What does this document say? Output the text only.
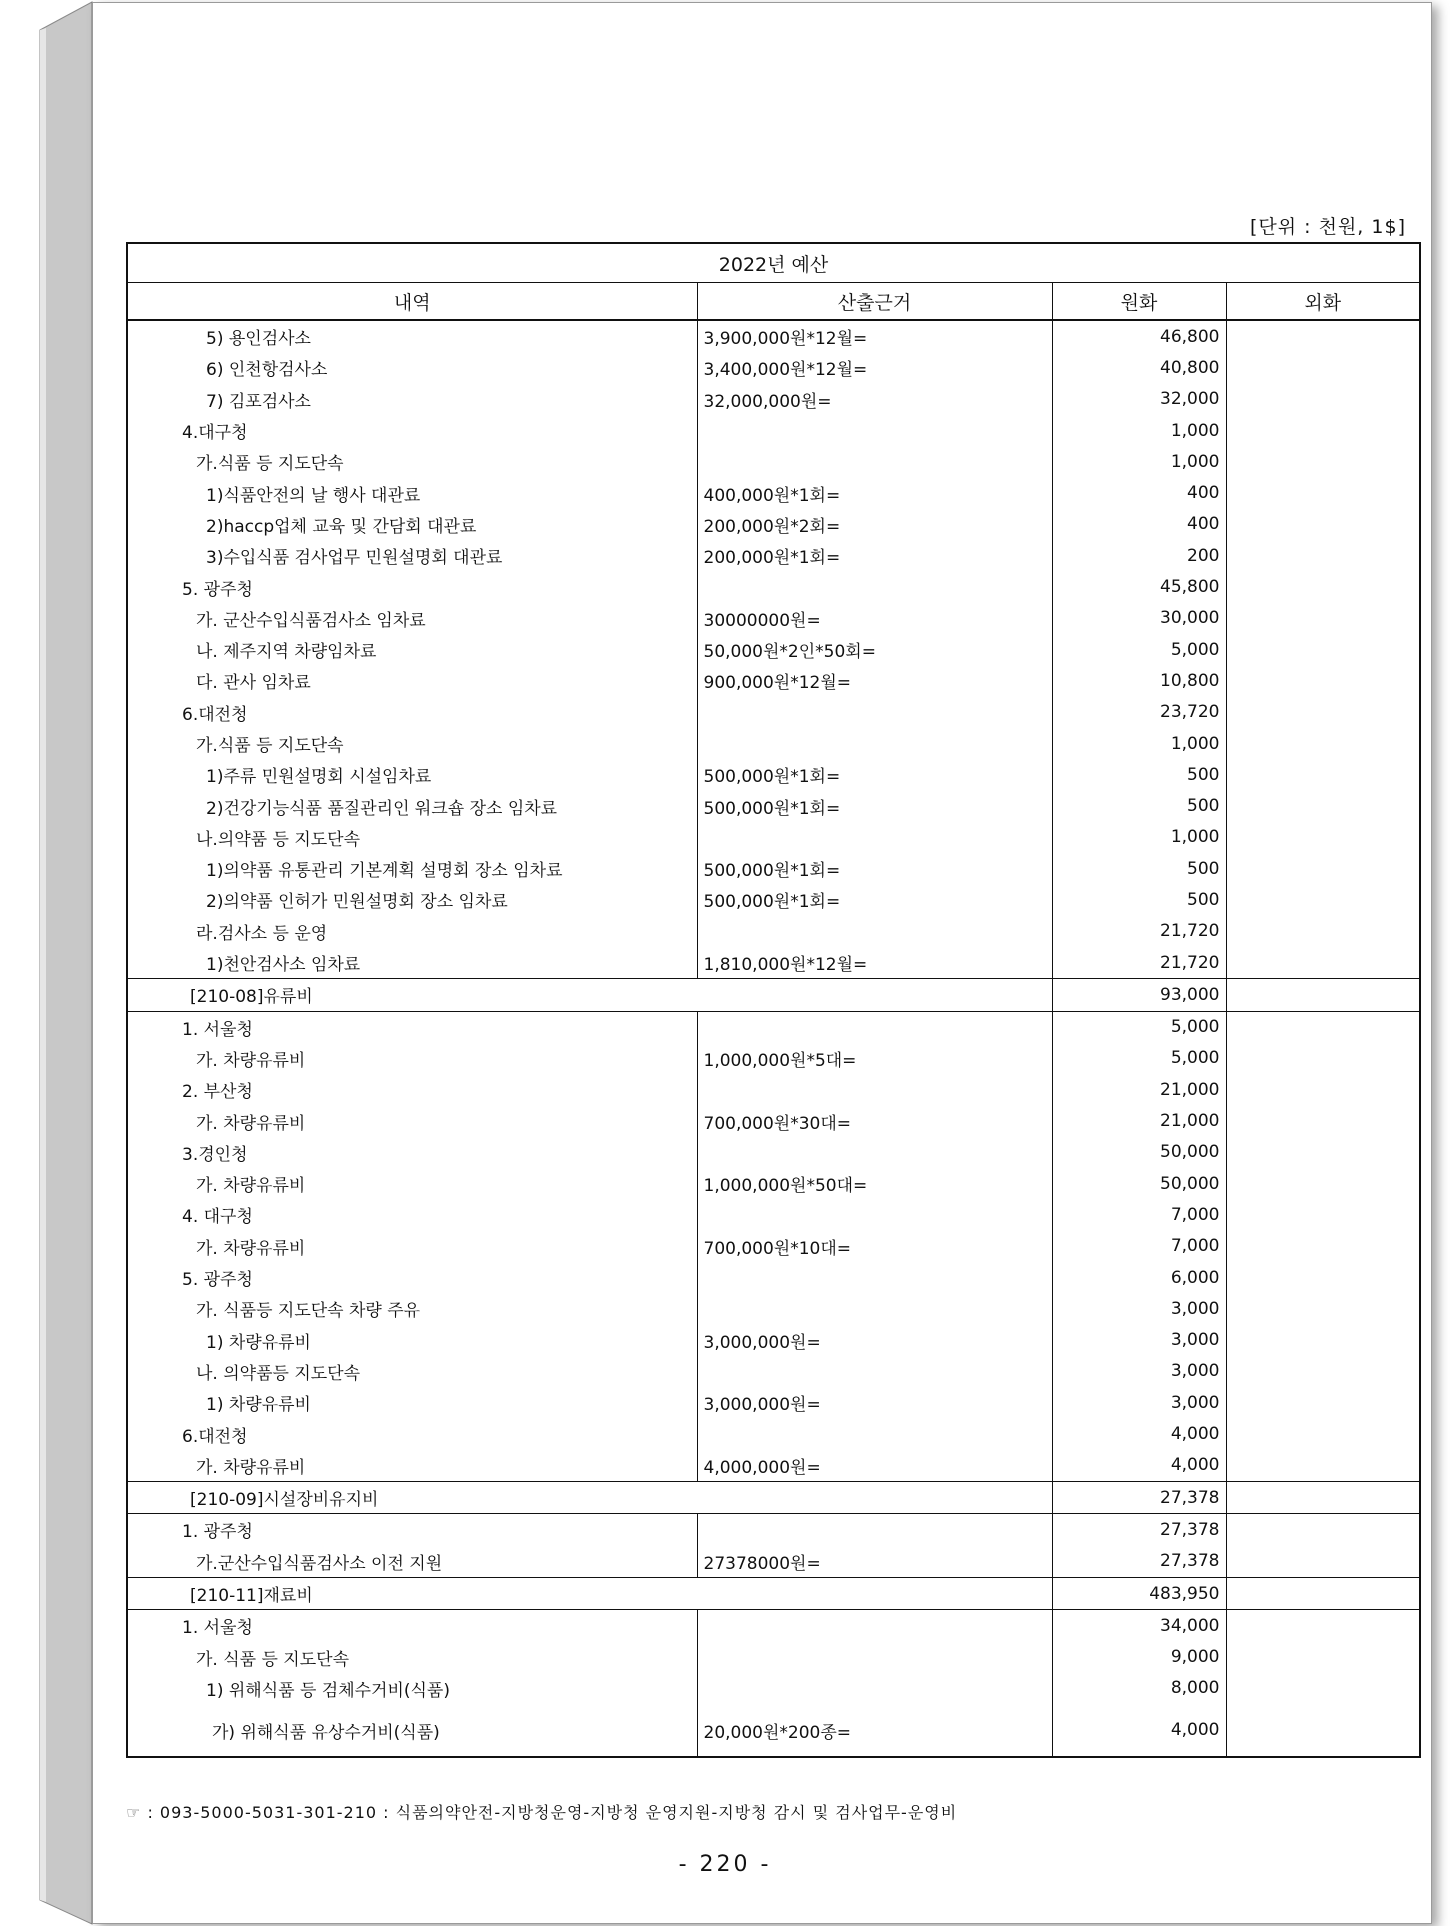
[단위 : 천원, 1$]
2022년 예산			
내역	산출근거	원화	외화
5) 용인검사소	3,900,000원*12월=	46,800	
6) 인천항검사소	3,400,000원*12월=	40,800	
7) 김포검사소	32,000,000원=	32,000	
4.대구청		1,000	
가.식품 등 지도단속		1,000	
1)식품안전의 날 행사 대관료	400,000원*1회=	400	
2)haccp업체 교육 및 간담회 대관료	200,000원*2회=	400	
3)수입식품 검사업무 민원설명회 대관료	200,000원*1회=	200	
5. 광주청		45,800	
가. 군산수입식품검사소 임차료	30000000원=	30,000	
나. 제주지역 차량임차료	50,000원*2인*50회=	5,000	
다. 관사 임차료	900,000원*12월=	10,800	
6.대전청		23,720	
가.식품 등 지도단속		1,000	
1)주류 민원설명회 시설임차료	500,000원*1회=	500	
2)건강기능식품 품질관리인 워크숍 장소 임차료	500,000원*1회=	500	
나.의약품 등 지도단속		1,000	
1)의약품 유통관리 기본계획 설명회 장소 임차료	500,000원*1회=	500	
2)의약품 인허가 민원설명회 장소 임차료	500,000원*1회=	500	
라.검사소 등 운영		21,720	
1)천안검사소 임차료	1,810,000원*12월=	21,720	
[210-08]유류비		93,000	
1. 서울청		5,000	
가. 차량유류비	1,000,000원*5대=	5,000	
2. 부산청		21,000	
가. 차량유류비	700,000원*30대=	21,000	
3.경인청		50,000	
가. 차량유류비	1,000,000원*50대=	50,000	
4. 대구청		7,000	
가. 차량유류비	700,000원*10대=	7,000	
5. 광주청		6,000	
가. 식품등 지도단속 차량 주유		3,000	
1) 차량유류비	3,000,000원=	3,000	
나. 의약품등 지도단속		3,000	
1) 차량유류비	3,000,000원=	3,000	
6.대전청		4,000	
가. 차량유류비	4,000,000원=	4,000	
[210-09]시설장비유지비		27,378	
1. 광주청		27,378	
가.군산수입식품검사소 이전 지원	27378000원=	27,378	
[210-11]재료비		483,950	
1. 서울청		34,000	
가. 식품 등 지도단속		9,000	
1) 위해식품 등 검체수거비(식품)		8,000	
가) 위해식품 유상수거비(식품)	20,000원*200종=	4,000	
☞ : 093-5000-5031-301-210 : 식품의약안전-지방청운영-지방청 운영지원-지방청 감시 및 검사업무-운영비
- 220 -
